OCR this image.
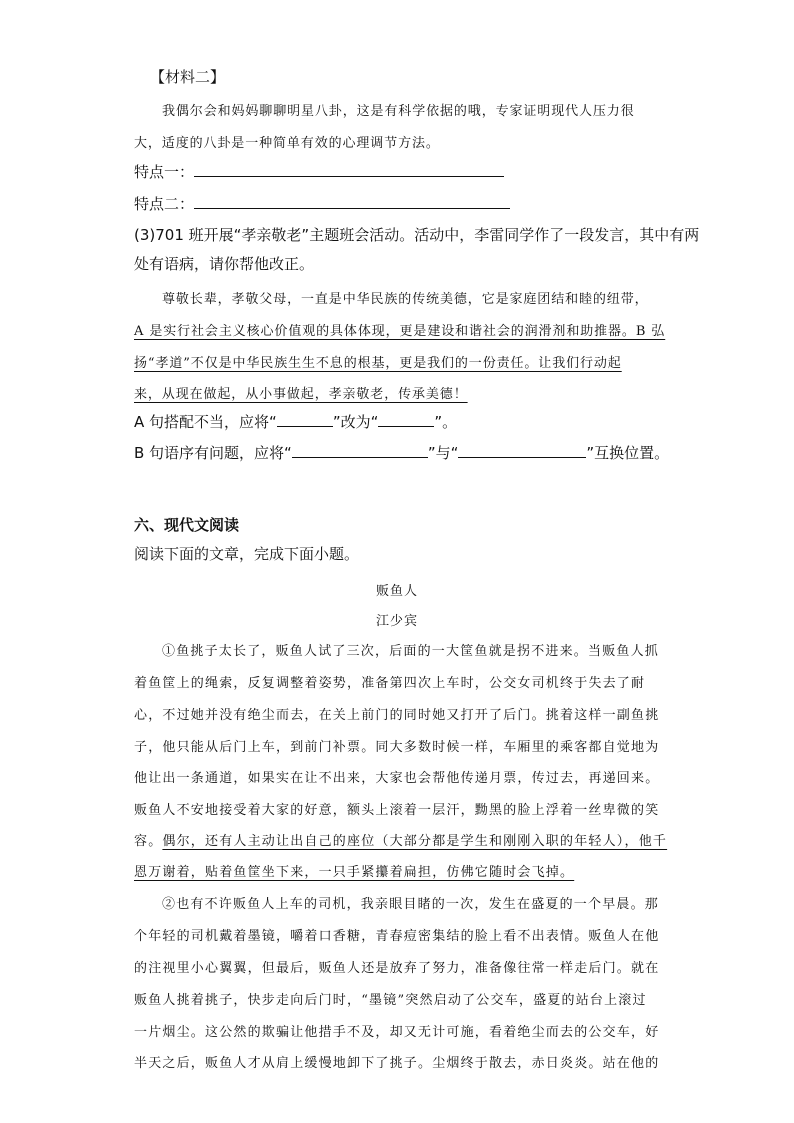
【材料二】
我偶尔会和妈妈聊聊明星八卦，这是有科学依据的哦，专家证明现代人压力很
大，适度的八卦是一种简单有效的心理调节方法。
特点一：
特点二：
(3)701 班开展“孝亲敬老”主题班会活动。活动中，李雷同学作了一段发言，其中有两
处有语病，请你帮他改正。
尊敬长辈，孝敬父母，一直是中华民族的传统美德，它是家庭团结和睦的纽带，
A 是实行社会主义核心价值观的具体体现，更是建设和谐社会的润滑剂和助推器。B 弘
扬“孝道”不仅是中华民族生生不息的根基，更是我们的一份责任。让我们行动起
来，从现在做起，从小事做起，孝亲敬老，传承美德！
A 句搭配不当，应将“	”改为“	”。
B 句语序有问题，应将“	”与“	”互换位置。
六、现代文阅读
阅读下面的文章，完成下面小题。
贩鱼人
江少宾
①鱼挑子太长了，贩鱼人试了三次，后面的一大筐鱼就是拐不进来。当贩鱼人抓
着鱼筐上的绳索，反复调整着姿势，准备第四次上车时，公交女司机终于失去了耐
心，不过她并没有绝尘而去，在关上前门的同时她又打开了后门。挑着这样一副鱼挑
子，他只能从后门上车，到前门补票。同大多数时候一样，车厢里的乘客都自觉地为
他让出一条通道，如果实在让不出来，大家也会帮他传递月票，传过去，再递回来。
贩鱼人不安地接受着大家的好意，额头上滚着一层汗，黝黑的脸上浮着一丝卑微的笑
容。偶尔，还有人主动让出自己的座位（大部分都是学生和刚刚入职的年轻人），他千
恩万谢着，贴着鱼筐坐下来，一只手紧攥着扁担，仿佛它随时会飞掉。
②也有不许贩鱼人上车的司机，我亲眼目睹的一次，发生在盛夏的一个早晨。那
个年轻的司机戴着墨镜，嚼着口香糖，青春痘密集结的脸上看不出表情。贩鱼人在他
的注视里小心翼翼，但最后，贩鱼人还是放弃了努力，准备像往常一样走后门。就在
贩鱼人挑着挑子，快步走向后门时，“墨镜”突然启动了公交车，盛夏的站台上滚过
一片烟尘。这公然的欺骗让他措手不及，却又无计可施，看着绝尘而去的公交车，好
半天之后，贩鱼人才从肩上缓慢地卸下了挑子。尘烟终于散去，赤日炎炎。站在他的
